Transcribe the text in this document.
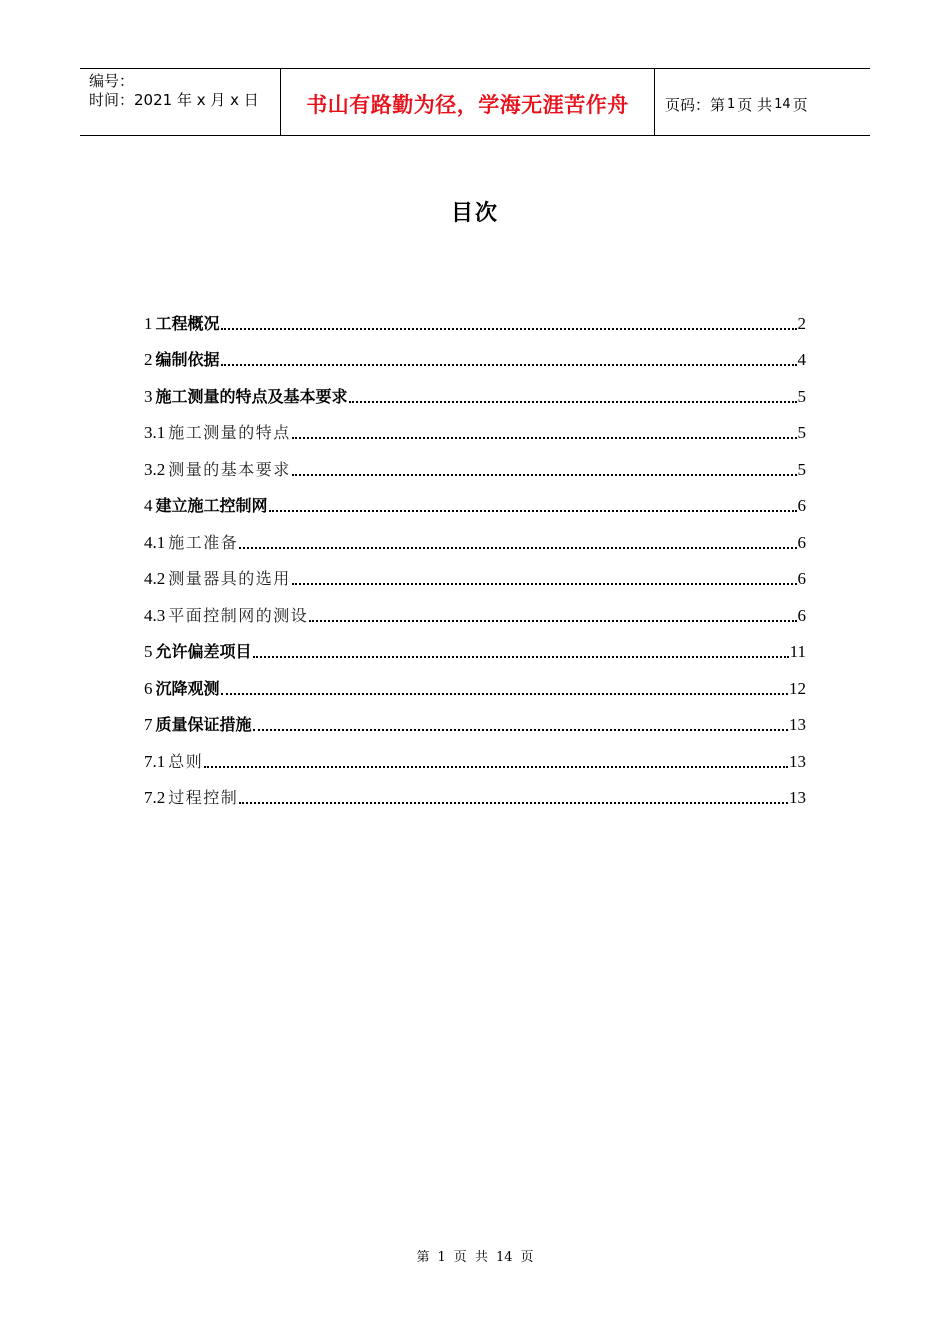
编号：
时间：2021 年 x 月 x 日	书山有路勤为径，学海无涯苦作舟	页码：第 1 页 共 14 页
目次
1 工程概况	2
2 编制依据	4
3 施工测量的特点及基本要求	5
3.1 施工测量的特点	5
3.2 测量的基本要求	5
4 建立施工控制网	6
4.1 施工准备	6
4.2 测量器具的选用	6
4.3 平面控制网的测设	6
5 允许偏差项目	11
6 沉降观测	12
7 质量保证措施	13
7.1 总则	13
7.2 过程控制	13
第 1 页 共 14 页
